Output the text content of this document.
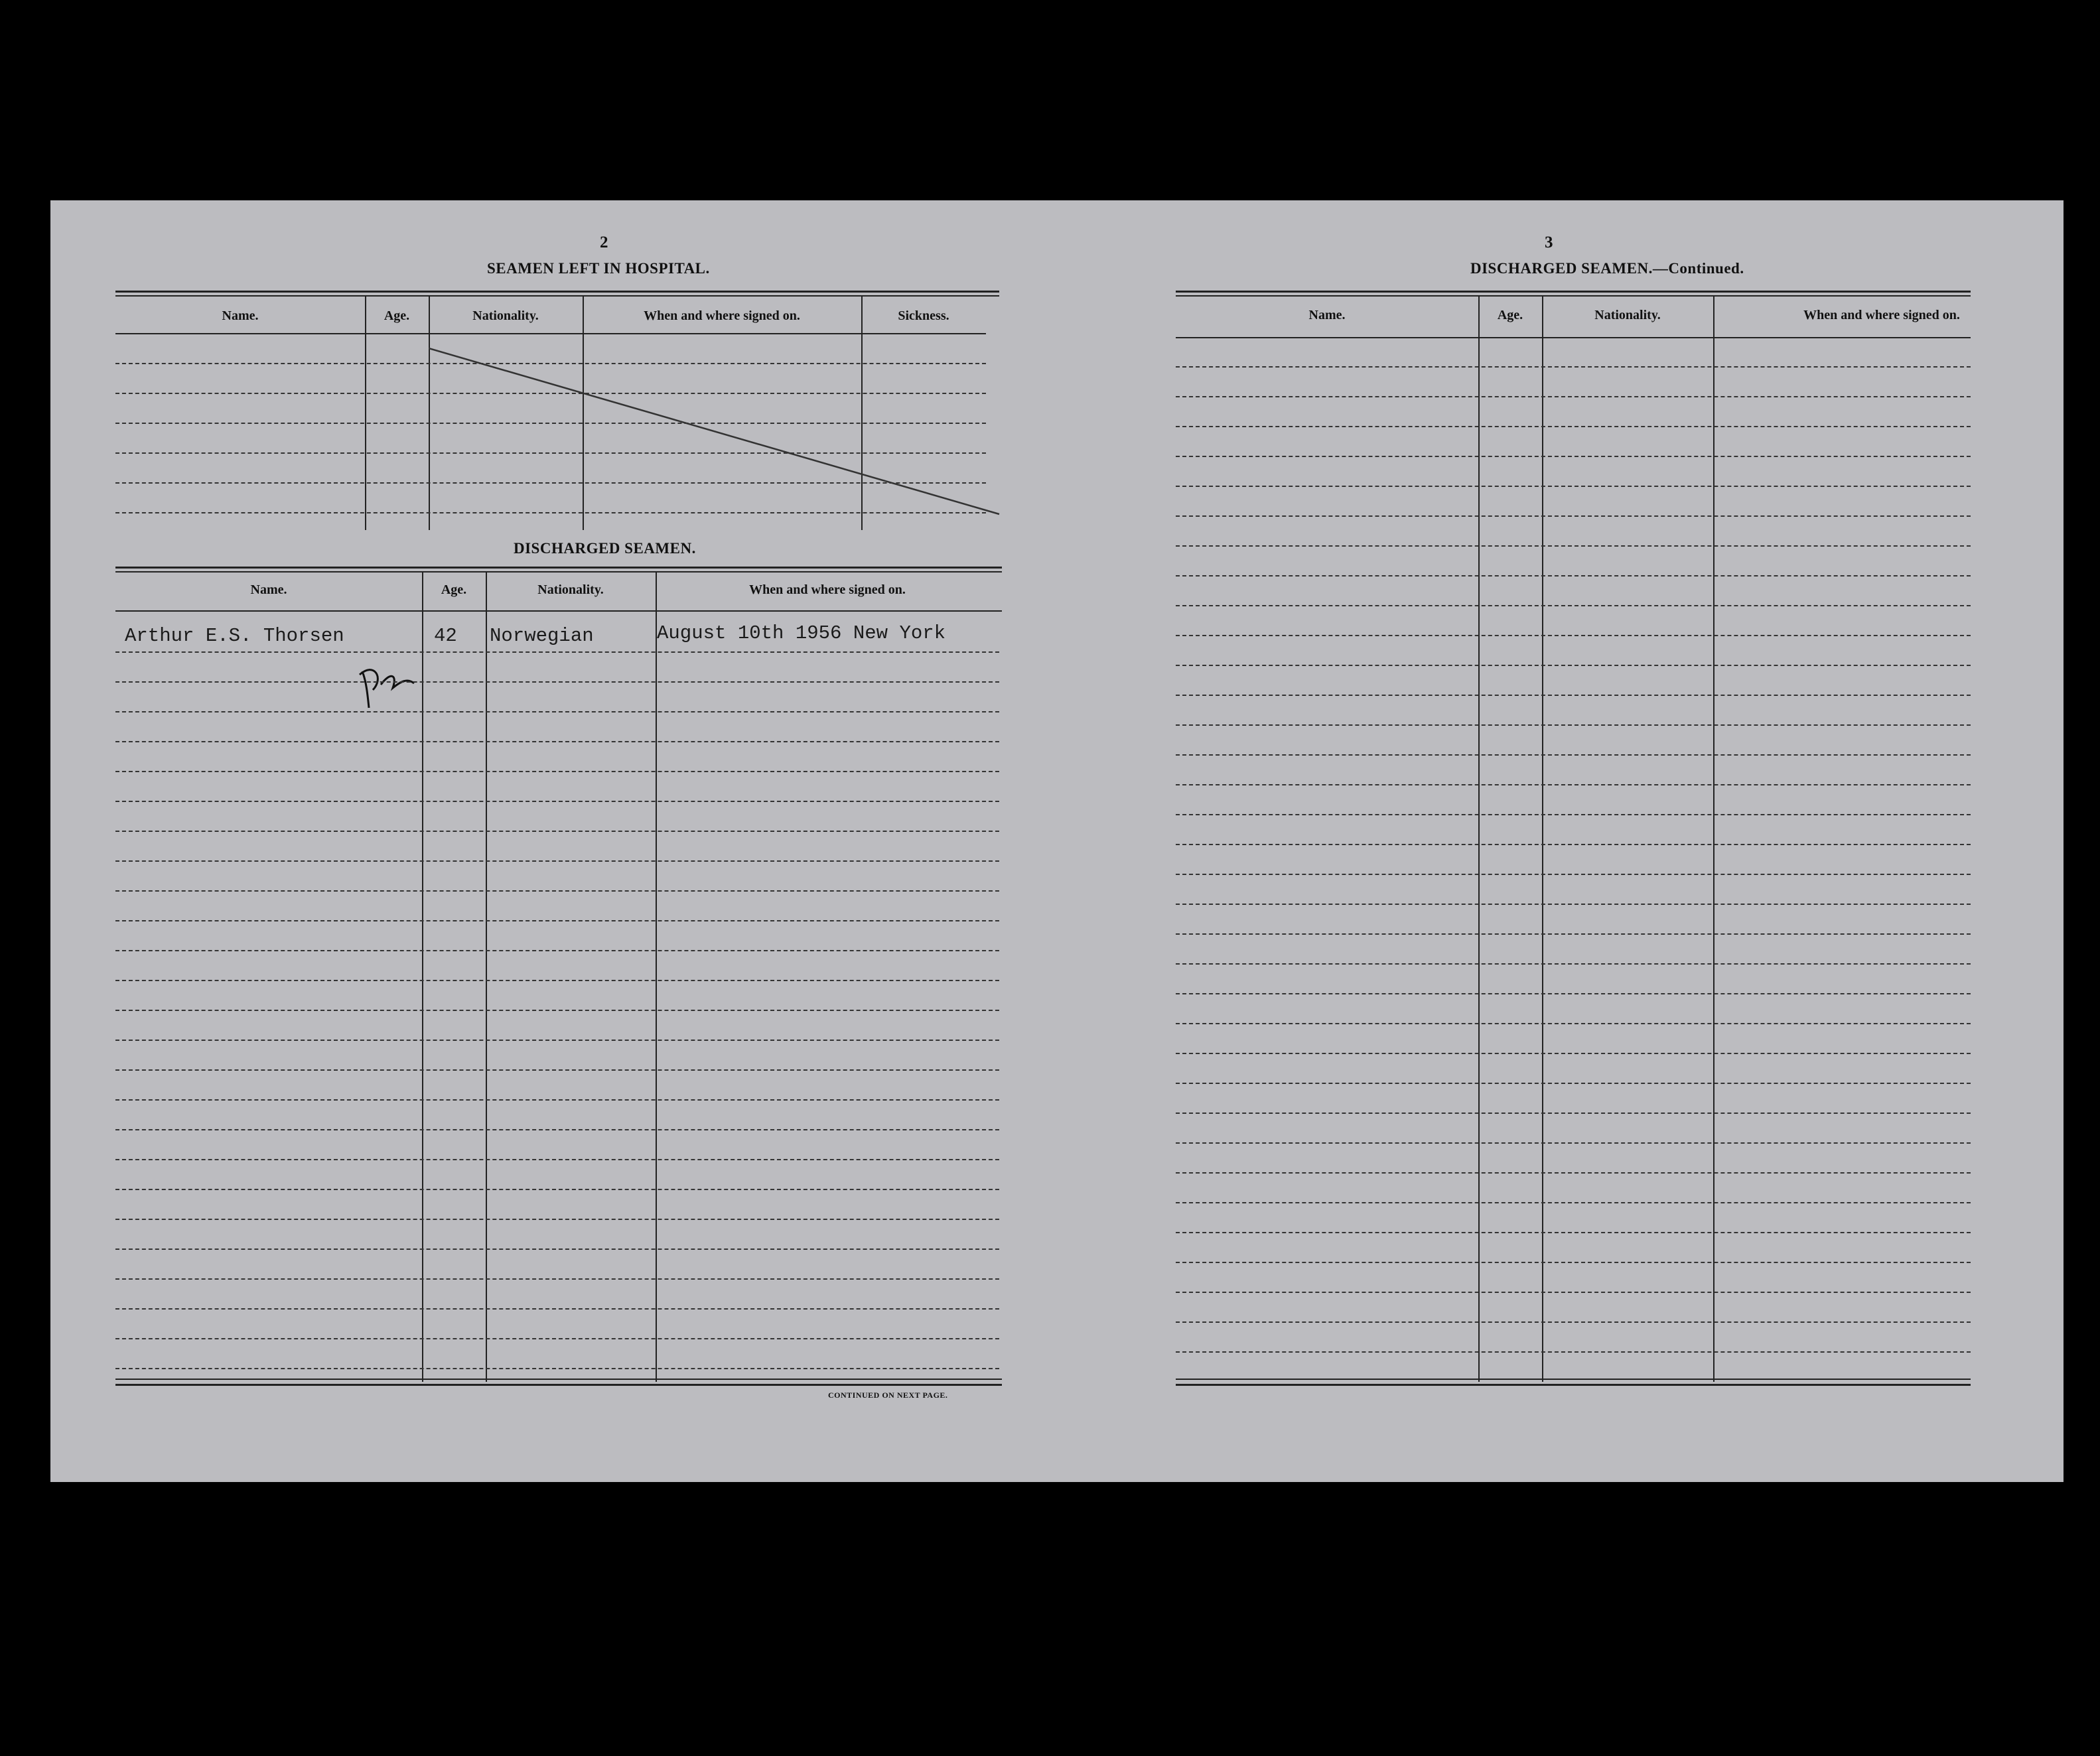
2
SEAMEN LEFT IN HOSPITAL.
Name.	Age.	Nationality.	When and where signed on.	Sickness.
DISCHARGED SEAMEN.
Name.	Age.	Nationality.	When and where signed on.
Arthur E.S. Thorsen	42 Norwegian	August 10th 1956 New York
CONTINUED ON NEXT PAGE.
3
DISCHARGED SEAMEN.—Continued.
Name.	Age.	Nationality.	When and where signed on.
